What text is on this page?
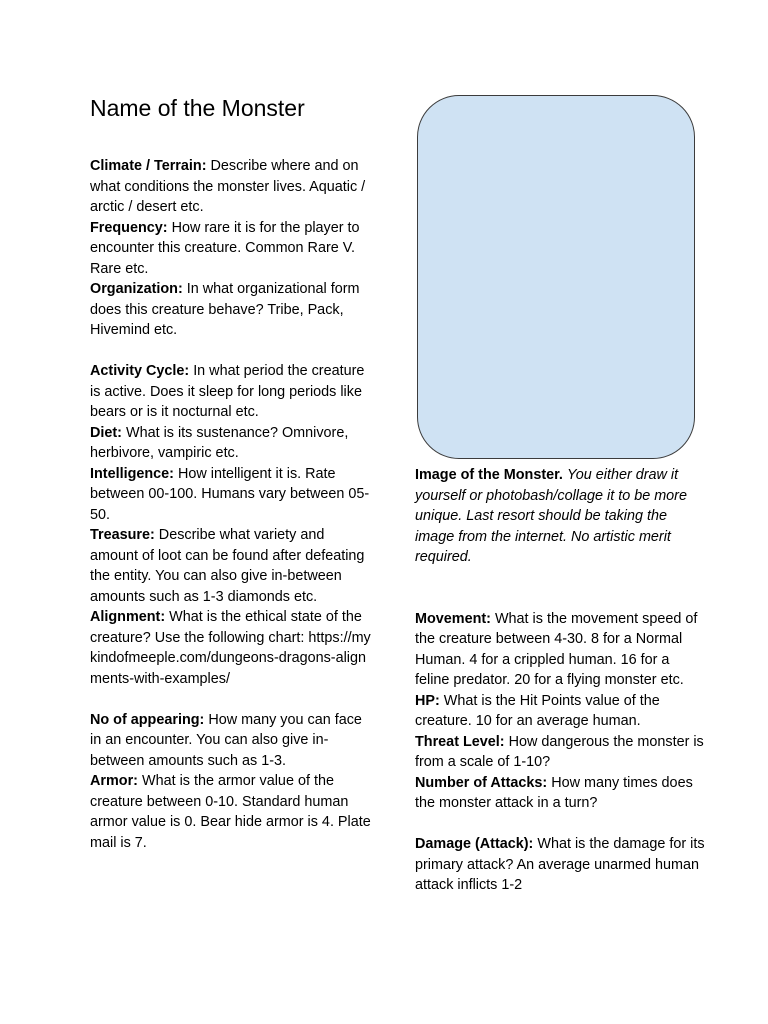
Name of the Monster

Climate / Terrain: Describe where and on what conditions the monster lives. Aquatic / arctic / desert etc.

Frequency: How rare it is for the player to encounter this creature. Common Rare V. Rare etc.

Organization: In what organizational form does this creature behave? Tribe, Pack, Hivemind etc.

Activity Cycle: In what period the creature is active. Does it sleep for long periods like bears or is it nocturnal etc.

Diet: What is its sustenance? Omnivore, herbivore, vampiric etc.

Intelligence: How intelligent it is. Rate between 00-100. Humans vary between 05-50.

Treasure: Describe what variety and amount of loot can be found after defeating the entity. You can also give in-between amounts such as 1-3 diamonds etc.

Alignment: What is the ethical state of the creature? Use the following chart: https://mykindofmeeple.com/dungeons-dragons-alignments-with-examples/

No of appearing: How many you can face in an encounter. You can also give in-between amounts such as 1-3.

Armor: What is the armor value of the creature between 0-10. Standard human armor value is 0. Bear hide armor is 4. Plate mail is 7.

Image of the Monster. You either draw it yourself or photobash/collage it to be more unique. Last resort should be taking the image from the internet. No artistic merit required.

Movement: What is the movement speed of the creature between 4-30. 8 for a Normal Human. 4 for a crippled human. 16 for a feline predator. 20 for a flying monster etc.

HP: What is the Hit Points value of the creature. 10 for an average human.

Threat Level: How dangerous the monster is from a scale of 1-10?

Number of Attacks: How many times does the monster attack in a turn?

Damage (Attack): What is the damage for its primary attack? An average unarmed human attack inflicts 1-2
